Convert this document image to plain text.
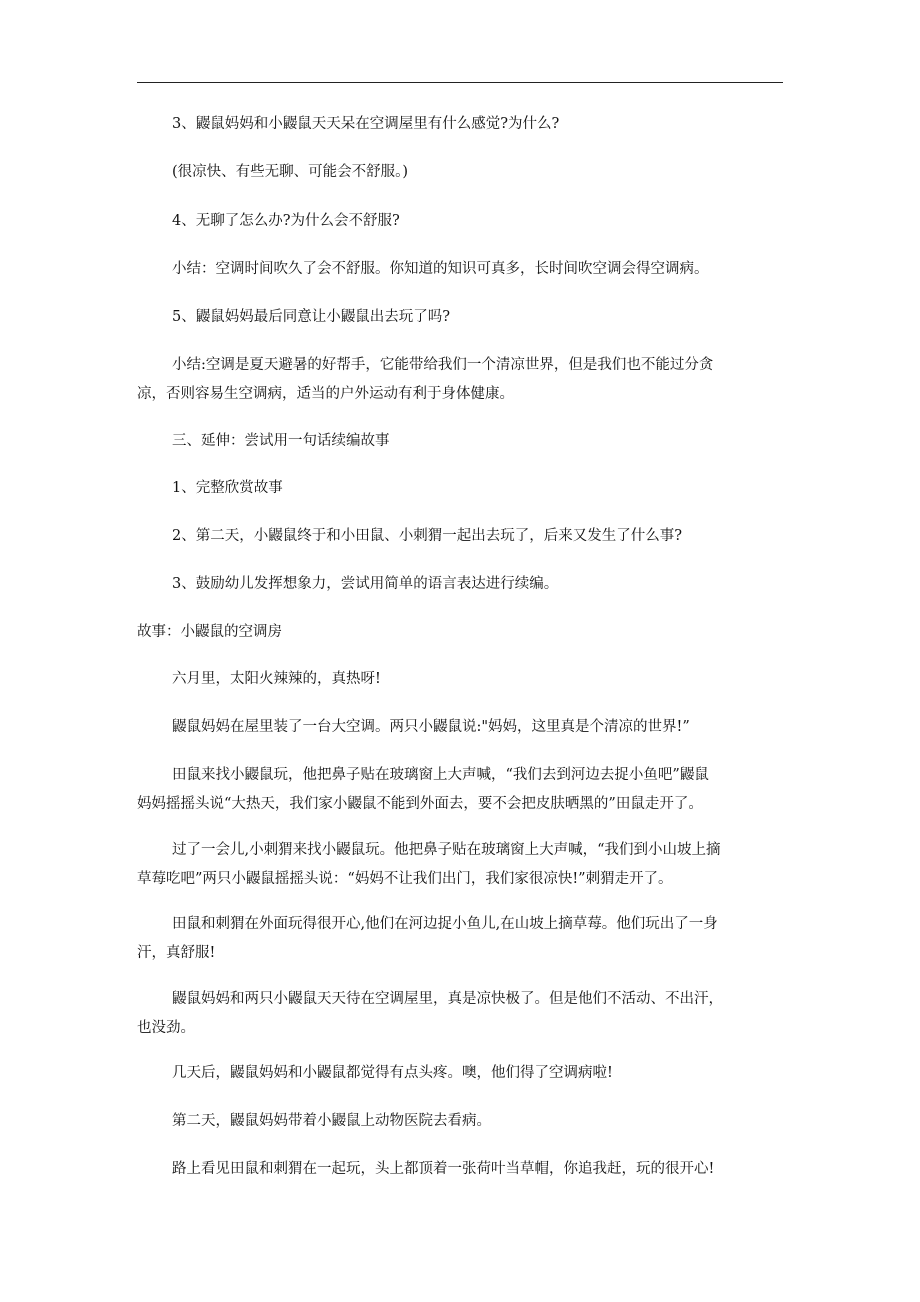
3、鼹鼠妈妈和小鼹鼠天天呆在空调屋里有什么感觉?为什么?
(很凉快、有些无聊、可能会不舒服。)
4、无聊了怎么办?为什么会不舒服?
小结：空调时间吹久了会不舒服。你知道的知识可真多，长时间吹空调会得空调病。
5、鼹鼠妈妈最后同意让小鼹鼠出去玩了吗?
小结:空调是夏天避暑的好帮手，它能带给我们一个清凉世界，但是我们也不能过分贪
凉，否则容易生空调病，适当的户外运动有利于身体健康。
三、延伸：尝试用一句话续编故事
1、完整欣赏故事
2、第二天，小鼹鼠终于和小田鼠、小刺猬一起出去玩了，后来又发生了什么事?
3、鼓励幼儿发挥想象力，尝试用简单的语言表达进行续编。
故事：小鼹鼠的空调房
六月里，太阳火辣辣的，真热呀!
鼹鼠妈妈在屋里装了一台大空调。两只小鼹鼠说:"妈妈，这里真是个清凉的世界!”
田鼠来找小鼹鼠玩，他把鼻子贴在玻璃窗上大声喊，“我们去到河边去捉小鱼吧”鼹鼠
妈妈摇摇头说“大热天，我们家小鼹鼠不能到外面去，要不会把皮肤晒黑的”田鼠走开了。
过了一会儿,小刺猬来找小鼹鼠玩。他把鼻子贴在玻璃窗上大声喊，“我们到小山坡上摘
草莓吃吧”两只小鼹鼠摇摇头说：“妈妈不让我们出门，我们家很凉快!”刺猬走开了。
田鼠和刺猬在外面玩得很开心,他们在河边捉小鱼儿,在山坡上摘草莓。他们玩出了一身
汗，真舒服!
鼹鼠妈妈和两只小鼹鼠天天待在空调屋里，真是凉快极了。但是他们不活动、不出汗，
也没劲。
几天后，鼹鼠妈妈和小鼹鼠都觉得有点头疼。噢，他们得了空调病啦!
第二天，鼹鼠妈妈带着小鼹鼠上动物医院去看病。
路上看见田鼠和刺猬在一起玩，头上都顶着一张荷叶当草帽，你追我赶，玩的很开心!
